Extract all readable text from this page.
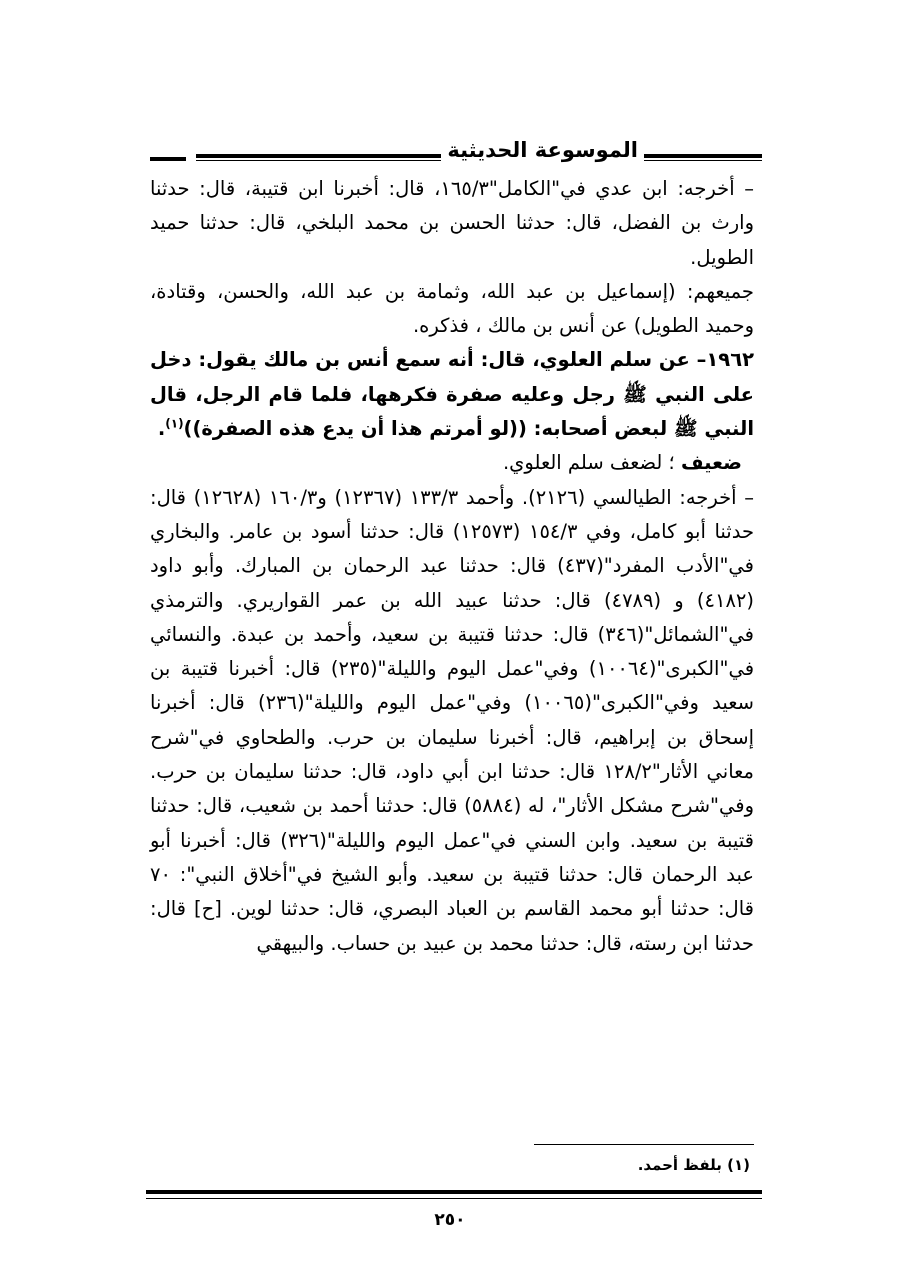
الموسوعة الحديثية

– أخرجه: ابن عدي في"الكامل"١٦٥/٣، قال: أخبرنا ابن قتيبة، قال: حدثنا وارث بن الفضل، قال: حدثنا الحسن بن محمد البلخي، قال: حدثنا حميد الطويل.

جميعهم: (إسماعيل بن عبد الله، وثمامة بن عبد الله، والحسن، وقتادة، وحميد الطويل) عن أنس بن مالك ، فذكره.

١٩٦٢– عن سلم العلوي، قال: أنه سمع أنس بن مالك يقول: دخل على النبي ﷺ رجل وعليه صفرة فكرهها، فلما قام الرجل، قال النبي ﷺ لبعض أصحابه: ((لو أمرتم هذا أن يدع هذه الصفرة))$^{(١)}$.

ضعيف ؛ لضعف سلم العلوي.

– أخرجه: الطيالسي (٢١٢٦). وأحمد ١٣٣/٣ (١٢٣٦٧) و١٦٠/٣ (١٢٦٢٨) قال: حدثنا أبو كامل، وفي ١٥٤/٣ (١٢٥٧٣) قال: حدثنا أسود بن عامر. والبخاري في"الأدب المفرد"(٤٣٧) قال: حدثنا عبد الرحمان بن المبارك. وأبو داود (٤١٨٢) و (٤٧٨٩) قال: حدثنا عبيد الله بن عمر القواريري. والترمذي في"الشمائل"(٣٤٦) قال: حدثنا قتيبة بن سعيد، وأحمد بن عبدة. والنسائي في"الكبرى"(١٠٠٦٤) وفي"عمل اليوم والليلة"(٢٣٥) قال: أخبرنا قتيبة بن سعيد وفي"الكبرى"(١٠٠٦٥) وفي"عمل اليوم والليلة"(٢٣٦) قال: أخبرنا إسحاق بن إبراهيم، قال: أخبرنا سليمان بن حرب. والطحاوي في"شرح معاني الأثار"١٢٨/٢ قال: حدثنا ابن أبي داود، قال: حدثنا سليمان بن حرب. وفي"شرح مشكل الأثار"، له (٥٨٨٤) قال: حدثنا أحمد بن شعيب، قال: حدثنا قتيبة بن سعيد. وابن السني في"عمل اليوم والليلة"(٣٢٦) قال: أخبرنا أبو عبد الرحمان قال: حدثنا قتيبة بن سعيد. وأبو الشيخ في"أخلاق النبي": ٧٠ قال: حدثنا أبو محمد القاسم بن العباد البصري، قال: حدثنا لوين. [ح] قال: حدثنا ابن رسته، قال: حدثنا محمد بن عبيد بن حساب. والبيهقي

(١) بلفظ أحمد.
٢٥٠
